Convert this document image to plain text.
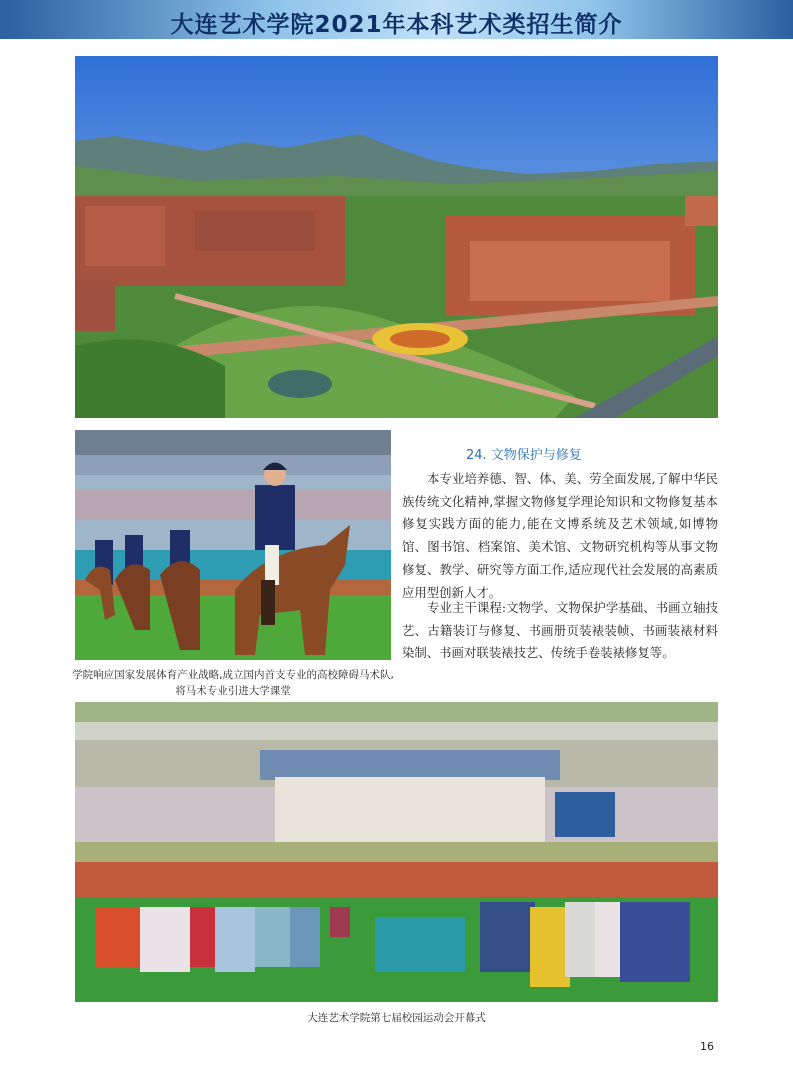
大连艺术学院2021年本科艺术类招生简介
学院响应国家发展体育产业战略,成立国内首支专业的高校障碍马术队,
将马术专业引进大学课堂
24. 文物保护与修复

本专业培养德、智、体、美、劳全面发展,了解中华民族传统文化精神,掌握文物修复学理论知识和文物修复基本修复实践方面的能力,能在文博系统及艺术领域,如博物馆、图书馆、档案馆、美术馆、文物研究机构等从事文物修复、教学、研究等方面工作,适应现代社会发展的高素质应用型创新人才。

专业主干课程:文物学、文物保护学基础、书画立轴技艺、古籍装订与修复、书画册页装裱装帧、书画装裱材料染制、书画对联装裱技艺、传统手卷装裱修复等。

大连艺术学院第七届校园运动会开幕式
16
